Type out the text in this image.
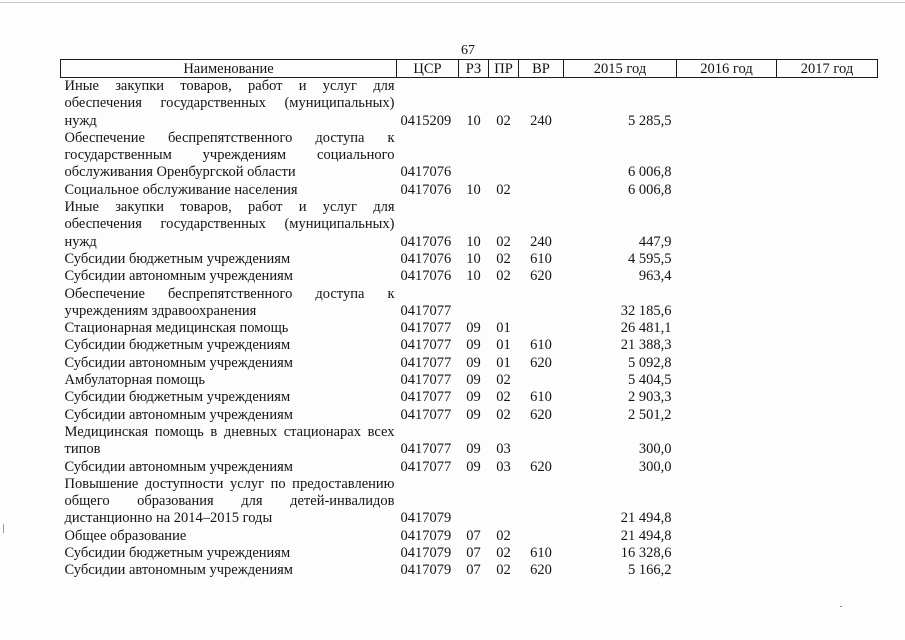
67
Наименование	ЦСР	РЗ	ПР	ВР	2015 год	2016 год	2017 год
Иные закупки товаров, работ и услуг для обеспечения государственных (муниципальных) нужд	0415209	10	02	240	5 285,5		
Обеспечение беспрепятственного доступа к государственным учреждениям социального обслуживания Оренбургской области	0417076				6 006,8		
Социальное обслуживание населения	0417076	10	02		6 006,8		
Иные закупки товаров, работ и услуг для обеспечения государственных (муниципальных) нужд	0417076	10	02	240	447,9		
Субсидии бюджетным учреждениям	0417076	10	02	610	4 595,5		
Субсидии автономным учреждениям	0417076	10	02	620	963,4		
Обеспечение беспрепятственного доступа к учреждениям здравоохранения	0417077				32 185,6		
Стационарная медицинская помощь	0417077	09	01		26 481,1		
Субсидии бюджетным учреждениям	0417077	09	01	610	21 388,3		
Субсидии автономным учреждениям	0417077	09	01	620	5 092,8		
Амбулаторная помощь	0417077	09	02		5 404,5		
Субсидии бюджетным учреждениям	0417077	09	02	610	2 903,3		
Субсидии автономным учреждениям	0417077	09	02	620	2 501,2		
Медицинская помощь в дневных стационарах всех типов	0417077	09	03		300,0		
Субсидии автономным учреждениям	0417077	09	03	620	300,0		
Повышение доступности услуг по предоставлению общего образования для детей-инвалидов дистанционно на 2014–2015 годы	0417079				21 494,8		
Общее образование	0417079	07	02		21 494,8		
Субсидии бюджетным учреждениям	0417079	07	02	610	16 328,6		
Субсидии автономным учреждениям	0417079	07	02	620	5 166,2		
